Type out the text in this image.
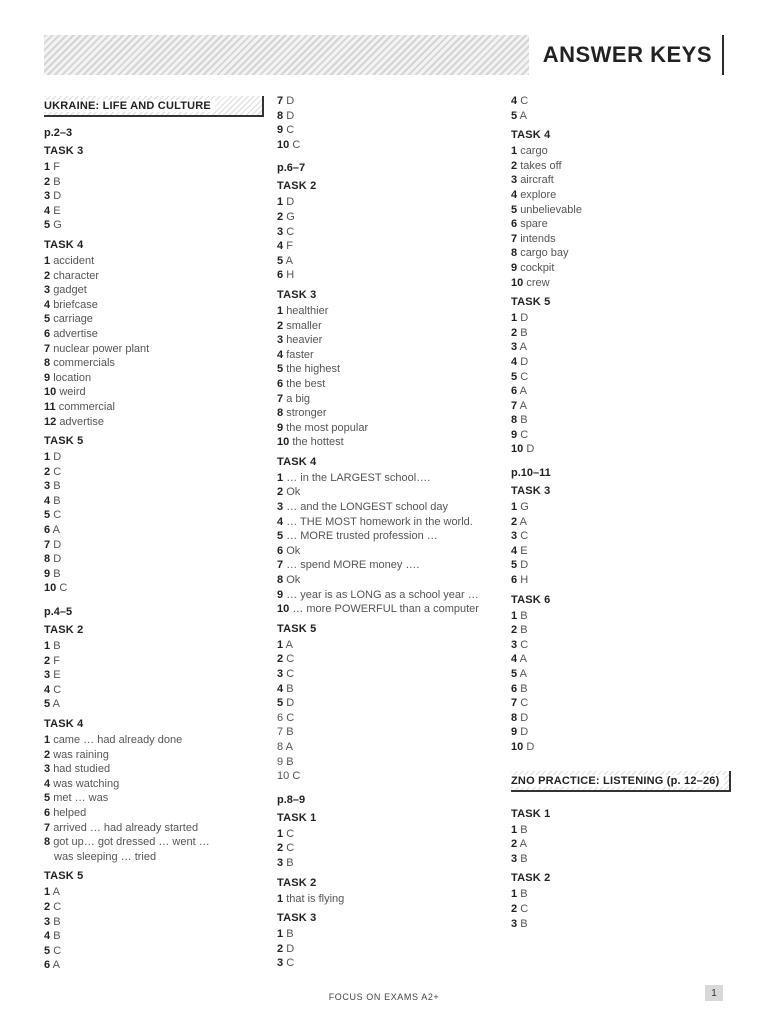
ANSWER KEYS
UKRAINE: LIFE AND CULTURE
p.2–3
TASK 3
1 F
2 B
3 D
4 E
5 G
TASK 4
1 accident
2 character
3 gadget
4 briefcase
5 carriage
6 advertise
7 nuclear power plant
8 commercials
9 location
10 weird
11 commercial
12 advertise
TASK 5
1 D
2 C
3 B
4 B
5 C
6 A
7 D
8 D
9 B
10 C
p.4–5
TASK 2
1 B
2 F
3 E
4 C
5 A
TASK 4
1 came … had already done
2 was raining
3 had studied
4 was watching
5 met … was
6 helped
7 arrived … had already started
8 got up… got dressed … went …
was sleeping … tried
TASK 5
1 A
2 C
3 B
4 B
5 C
6 A
7 D
8 D
9 C
10 C
p.6–7
TASK 2
1 D
2 G
3 C
4 F
5 A
6 H
TASK 3
1 healthier
2 smaller
3 heavier
4 faster
5 the highest
6 the best
7 a big
8 stronger
9 the most popular
10 the hottest
TASK 4
1 … in the LARGEST school….
2 Ok
3 … and the LONGEST school day
4 … THE MOST homework in the world.
5 … MORE trusted profession …
6 Ok
7 … spend MORE money ….
8 Ok
9 … year is as LONG as a school year …
10 … more POWERFUL than a computer
TASK 5
1 A
2 C
3 C
4 B
5 D
6 C
7 B
8 A
9 B
10 C
p.8–9
TASK 1
1 C
2 C
3 B
TASK 2
1 that is flying
TASK 3
1 B
2 D
3 C
4 C
5 A
TASK 4
1 cargo
2 takes off
3 aircraft
4 explore
5 unbelievable
6 spare
7 intends
8 cargo bay
9 cockpit
10 crew
TASK 5
1 D
2 B
3 A
4 D
5 C
6 A
7 A
8 B
9 C
10 D
p.10–11
TASK 3
1 G
2 A
3 C
4 E
5 D
6 H
TASK 6
1 B
2 B
3 C
4 A
5 A
6 B
7 C
8 D
9 D
10 D
ZNO PRACTICE: LISTENING (p. 12–26)
TASK 1
1 B
2 A
3 B
TASK 2
1 B
2 C
3 B
FOCUS ON EXAMS A2+	1
